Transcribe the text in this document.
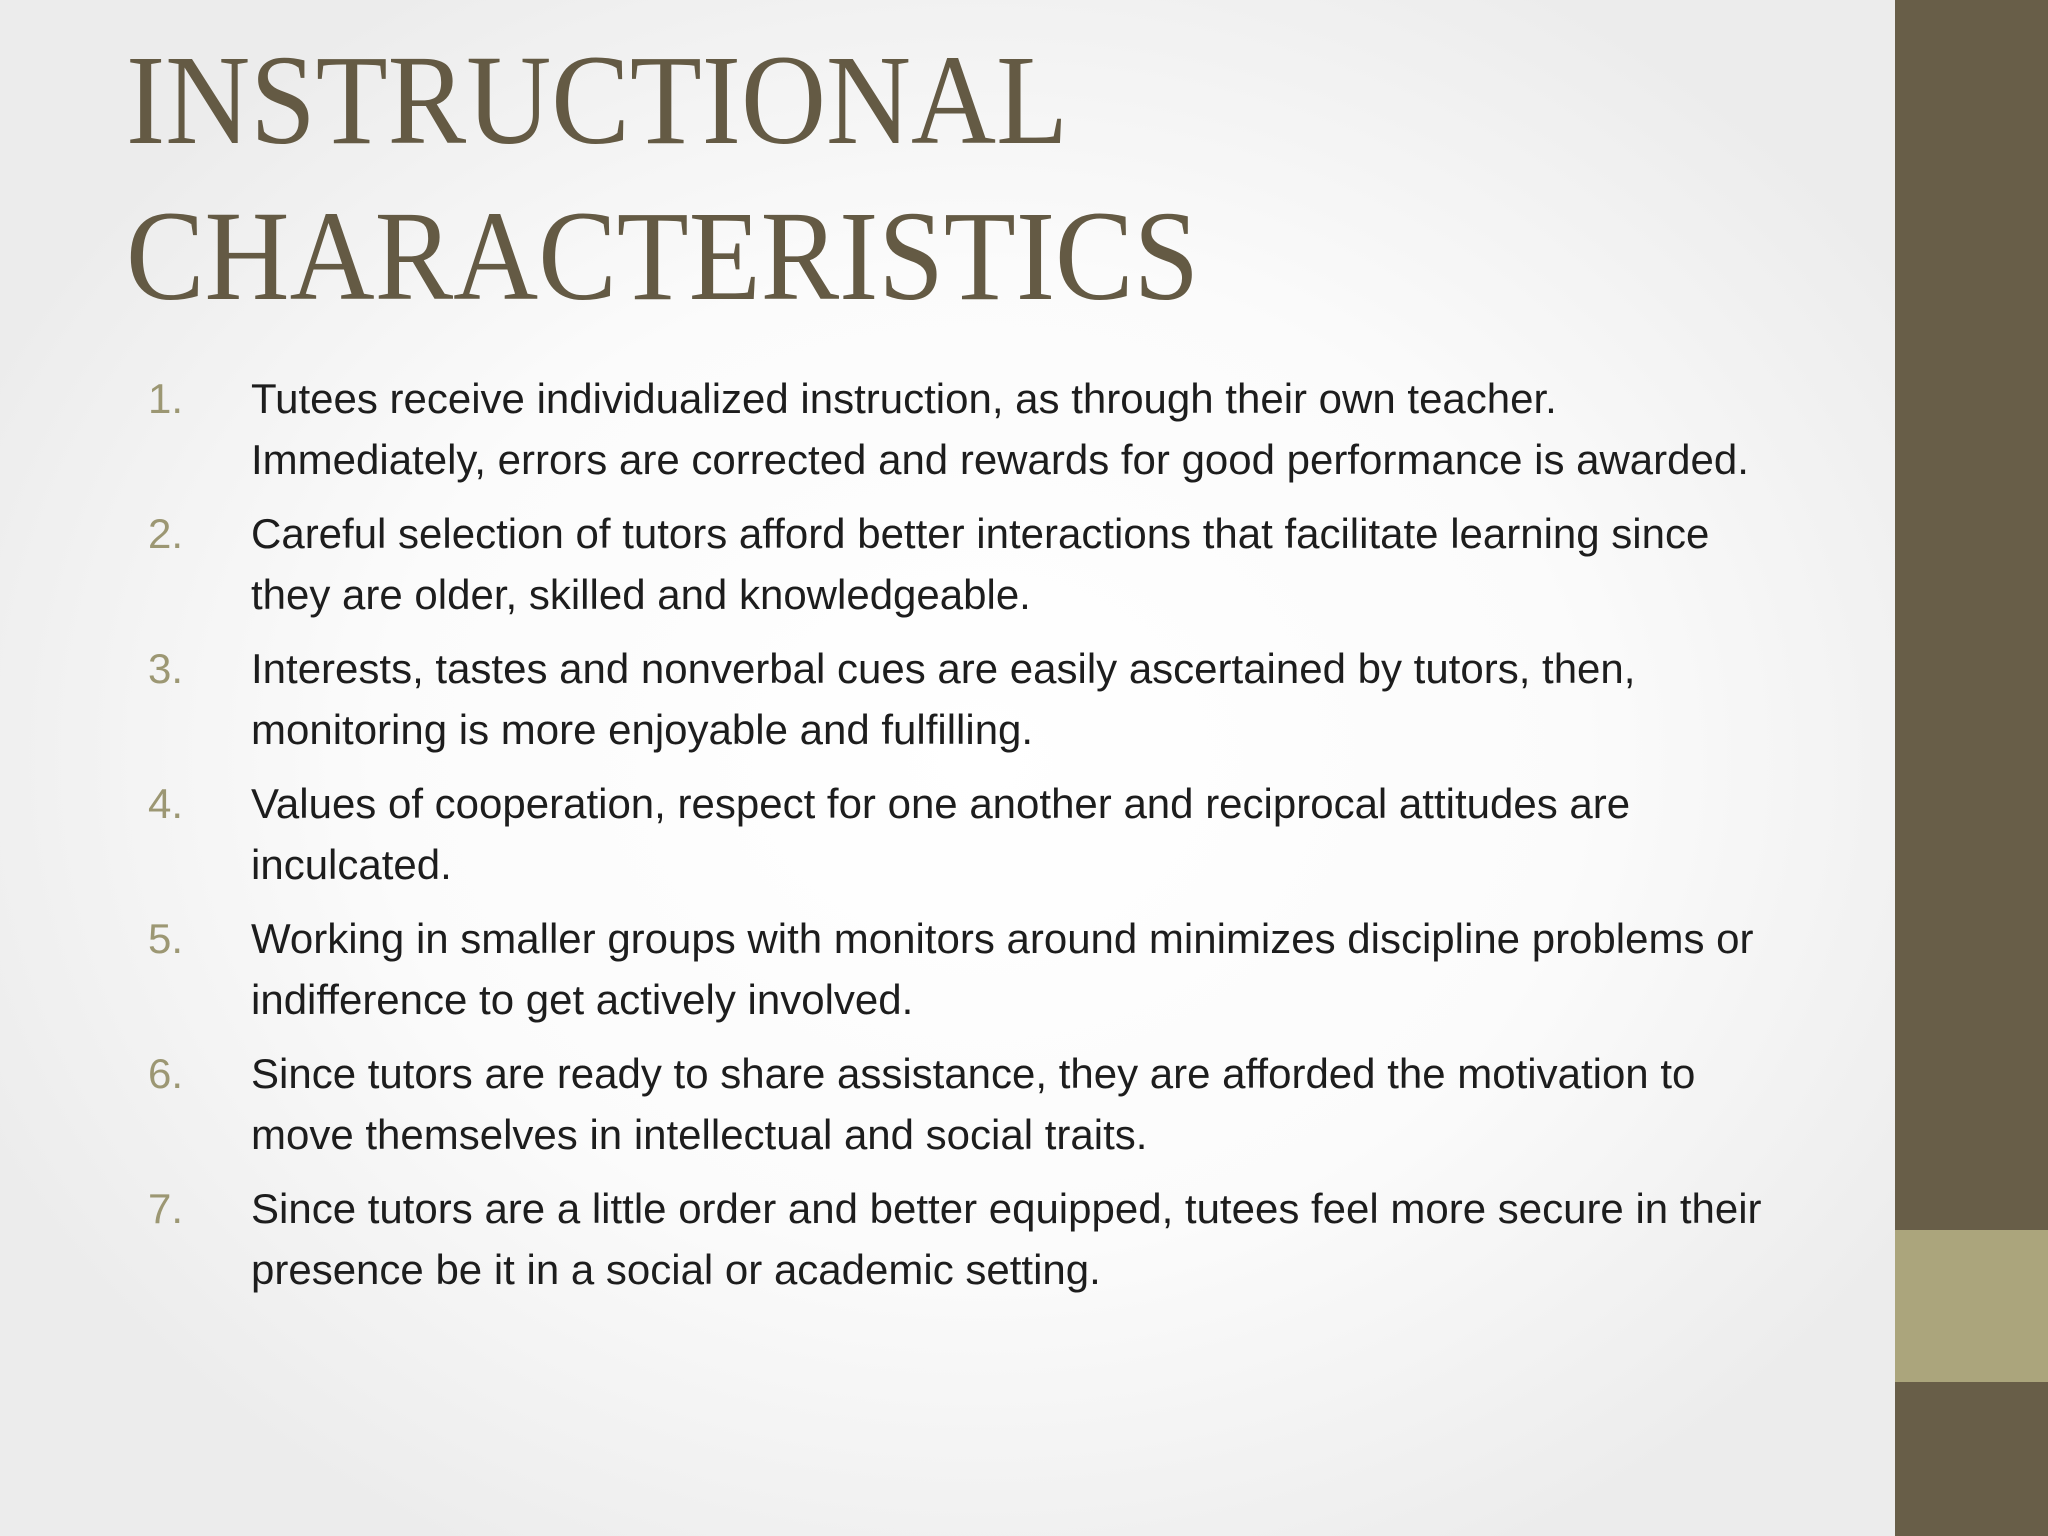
INSTRUCTIONAL
CHARACTERISTICS
1. Tutees receive individualized instruction, as through their own teacher. Immediately, errors are corrected and rewards for good performance is awarded.
2. Careful selection of tutors afford better interactions that facilitate learning since they are older, skilled and knowledgeable.
3. Interests, tastes and nonverbal cues are easily ascertained by tutors, then, monitoring is more enjoyable and fulfilling.
4. Values of cooperation, respect for one another and reciprocal attitudes are inculcated.
5. Working in smaller groups with monitors around minimizes discipline problems or indifference to get actively involved.
6. Since tutors are ready to share assistance, they are afforded the motivation to move themselves in intellectual and social traits.
7. Since tutors are a little order and better equipped, tutees feel more secure in their presence be it in a social or academic setting.
